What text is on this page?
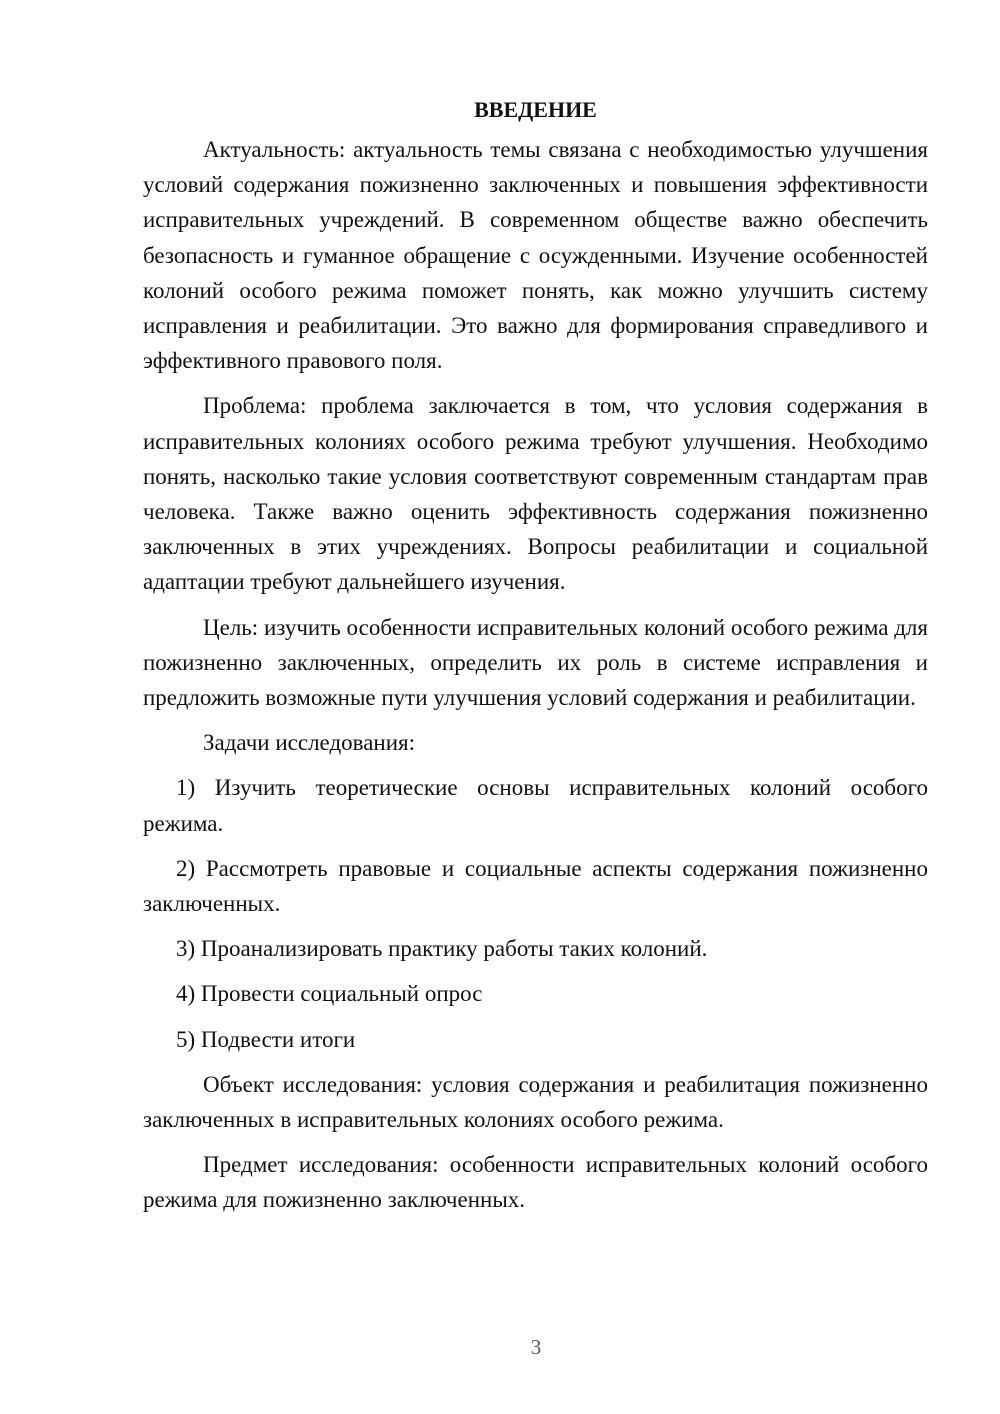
ВВЕДЕНИЕ

Актуальность: актуальность темы связана с необходимостью улучшения условий содержания пожизненно заключенных и повышения эффективности исправительных учреждений. В современном обществе важно обеспечить безопасность и гуманное обращение с осужденными. Изучение особенностей колоний особого режима поможет понять, как можно улучшить систему исправления и реабилитации. Это важно для формирования справедливого и эффективного правового поля.

Проблема: проблема заключается в том, что условия содержания в исправительных колониях особого режима требуют улучшения. Необходимо понять, насколько такие условия соответствуют современным стандартам прав человека. Также важно оценить эффективность содержания пожизненно заключенных в этих учреждениях. Вопросы реабилитации и социальной адаптации требуют дальнейшего изучения.

Цель: изучить особенности исправительных колоний особого режима для пожизненно заключенных, определить их роль в системе исправления и предложить возможные пути улучшения условий содержания и реабилитации.

Задачи исследования:

1) Изучить теоретические основы исправительных колоний особого режима.

2) Рассмотреть правовые и социальные аспекты содержания пожизненно заключенных.

3) Проанализировать практику работы таких колоний.

4) Провести социальный опрос

5) Подвести итоги

Объект исследования: условия содержания и реабилитация пожизненно заключенных в исправительных колониях особого режима.

Предмет исследования: особенности исправительных колоний особого режима для пожизненно заключенных.

3
